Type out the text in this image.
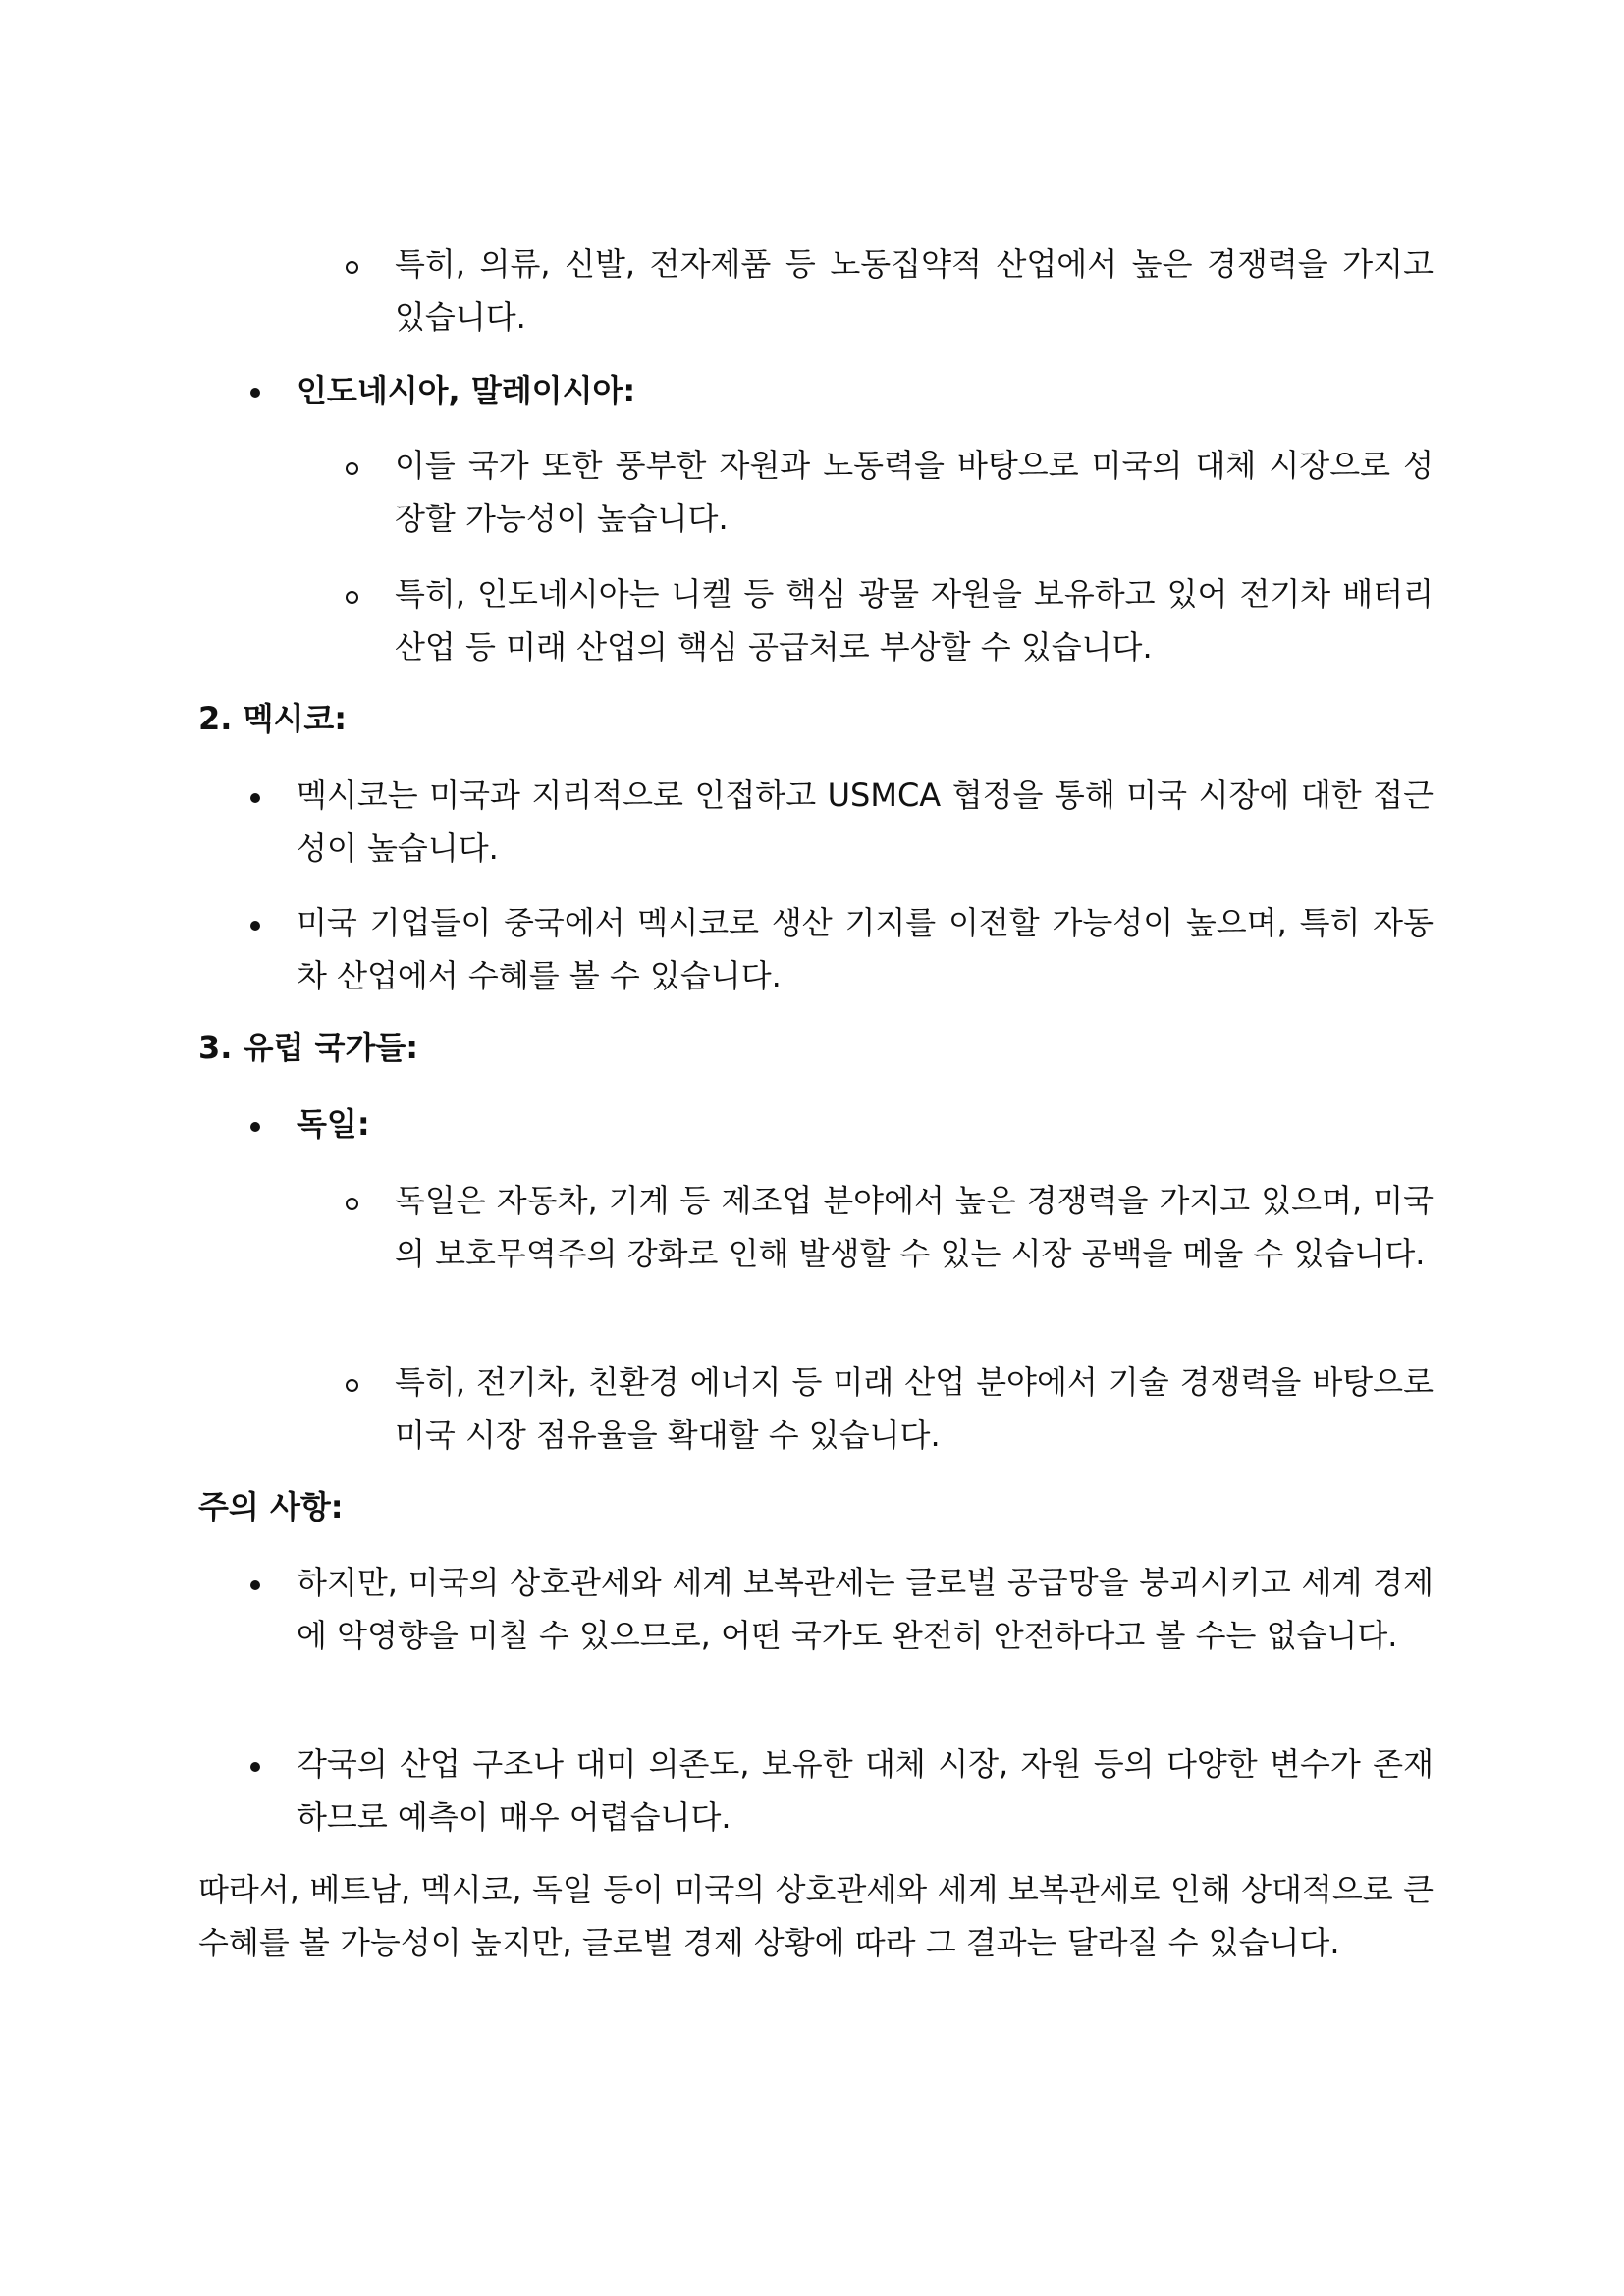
특히, 의류, 신발, 전자제품 등 노동집약적 산업에서 높은 경쟁력을 가지고 있습니다.

인도네시아, 말레이시아:

이들 국가 또한 풍부한 자원과 노동력을 바탕으로 미국의 대체 시장으로 성장할 가능성이 높습니다.

특히, 인도네시아는 니켈 등 핵심 광물 자원을 보유하고 있어 전기차 배터리 산업 등 미래 산업의 핵심 공급처로 부상할 수 있습니다.

2. 멕시코:

멕시코는 미국과 지리적으로 인접하고 USMCA 협정을 통해 미국 시장에 대한 접근성이 높습니다.

미국 기업들이 중국에서 멕시코로 생산 기지를 이전할 가능성이 높으며, 특히 자동차 산업에서 수혜를 볼 수 있습니다.

3. 유럽 국가들:

독일:

독일은 자동차, 기계 등 제조업 분야에서 높은 경쟁력을 가지고 있으며, 미국의 보호무역주의 강화로 인해 발생할 수 있는 시장 공백을 메울 수 있습니다.

특히, 전기차, 친환경 에너지 등 미래 산업 분야에서 기술 경쟁력을 바탕으로 미국 시장 점유율을 확대할 수 있습니다.

주의 사항:

하지만, 미국의 상호관세와 세계 보복관세는 글로벌 공급망을 붕괴시키고 세계 경제에 악영향을 미칠 수 있으므로, 어떤 국가도 완전히 안전하다고 볼 수는 없습니다.

각국의 산업 구조나 대미 의존도, 보유한 대체 시장, 자원 등의 다양한 변수가 존재하므로 예측이 매우 어렵습니다.

따라서, 베트남, 멕시코, 독일 등이 미국의 상호관세와 세계 보복관세로 인해 상대적으로 큰 수혜를 볼 가능성이 높지만, 글로벌 경제 상황에 따라 그 결과는 달라질 수 있습니다.
